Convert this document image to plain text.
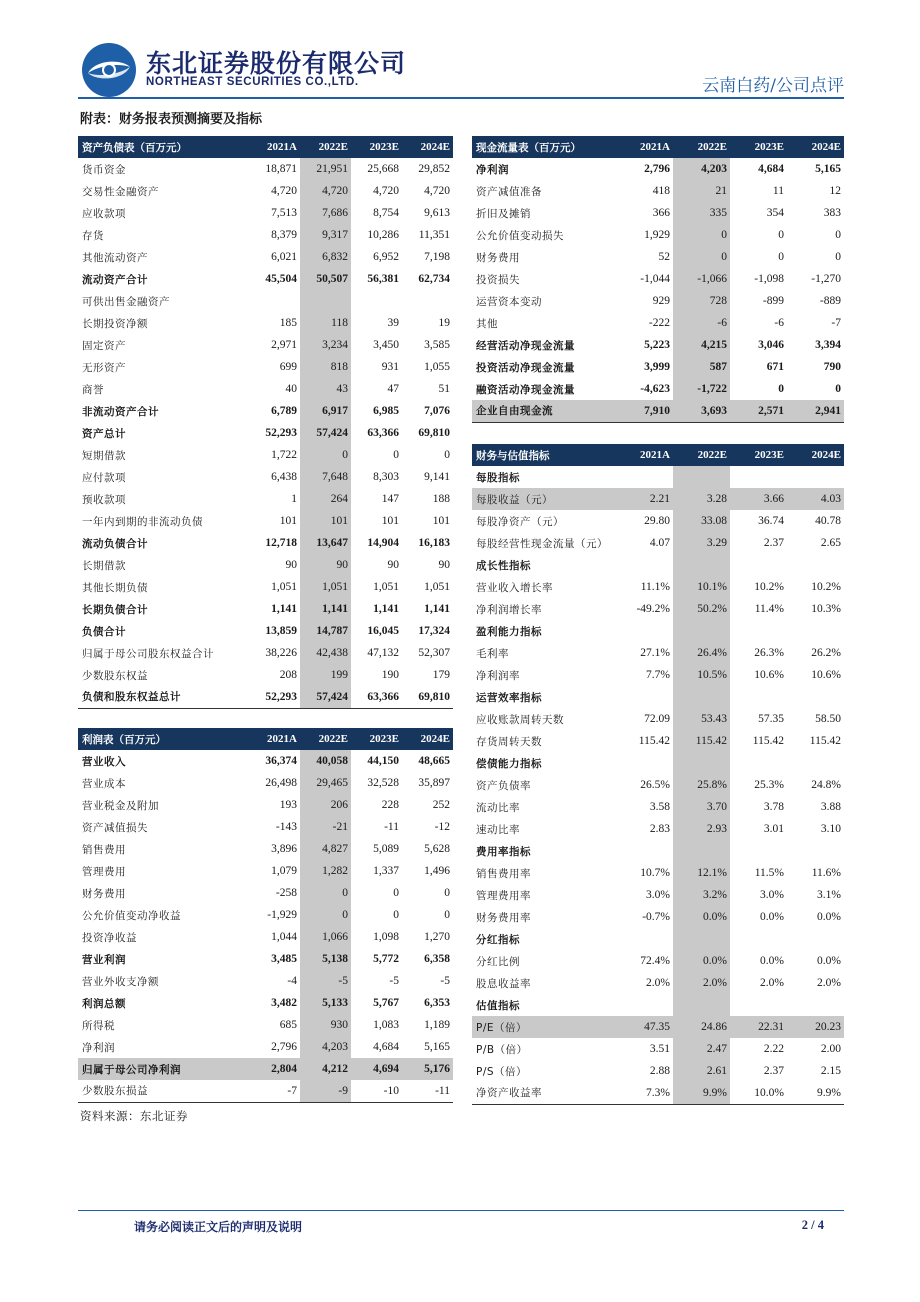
东北证券股份有限公司
NORTHEAST SECURITIES CO.,LTD.	云南白药/公司点评
附表：财务报表预测摘要及指标
资产负债表（百万元）	2021A	2022E	2023E	2024E
货币资金	18,871	21,951	25,668	29,852
交易性金融资产	4,720	4,720	4,720	4,720
应收款项	7,513	7,686	8,754	9,613
存货	8,379	9,317	10,286	11,351
其他流动资产	6,021	6,832	6,952	7,198
流动资产合计	45,504	50,507	56,381	62,734
可供出售金融资产				
长期投资净额	185	118	39	19
固定资产	2,971	3,234	3,450	3,585
无形资产	699	818	931	1,055
商誉	40	43	47	51
非流动资产合计	6,789	6,917	6,985	7,076
资产总计	52,293	57,424	63,366	69,810
短期借款	1,722	0	0	0
应付款项	6,438	7,648	8,303	9,141
预收款项	1	264	147	188
一年内到期的非流动负债	101	101	101	101
流动负债合计	12,718	13,647	14,904	16,183
长期借款	90	90	90	90
其他长期负债	1,051	1,051	1,051	1,051
长期负债合计	1,141	1,141	1,141	1,141
负债合计	13,859	14,787	16,045	17,324
归属于母公司股东权益合计	38,226	42,438	47,132	52,307
少数股东权益	208	199	190	179
负债和股东权益总计	52,293	57,424	63,366	69,810
利润表（百万元）	2021A	2022E	2023E	2024E
营业收入	36,374	40,058	44,150	48,665
营业成本	26,498	29,465	32,528	35,897
营业税金及附加	193	206	228	252
资产减值损失	-143	-21	-11	-12
销售费用	3,896	4,827	5,089	5,628
管理费用	1,079	1,282	1,337	1,496
财务费用	-258	0	0	0
公允价值变动净收益	-1,929	0	0	0
投资净收益	1,044	1,066	1,098	1,270
营业利润	3,485	5,138	5,772	6,358
营业外收支净额	-4	-5	-5	-5
利润总额	3,482	5,133	5,767	6,353
所得税	685	930	1,083	1,189
净利润	2,796	4,203	4,684	5,165
归属于母公司净利润	2,804	4,212	4,694	5,176
少数股东损益	-7	-9	-10	-11
现金流量表（百万元）	2021A	2022E	2023E	2024E
净利润	2,796	4,203	4,684	5,165
资产减值准备	418	21	11	12
折旧及摊销	366	335	354	383
公允价值变动损失	1,929	0	0	0
财务费用	52	0	0	0
投资损失	-1,044	-1,066	-1,098	-1,270
运营资本变动	929	728	-899	-889
其他	-222	-6	-6	-7
经营活动净现金流量	5,223	4,215	3,046	3,394
投资活动净现金流量	3,999	587	671	790
融资活动净现金流量	-4,623	-1,722	0	0
企业自由现金流	7,910	3,693	2,571	2,941
财务与估值指标	2021A	2022E	2023E	2024E
每股指标				
每股收益（元）	2.21	3.28	3.66	4.03
每股净资产（元）	29.80	33.08	36.74	40.78
每股经营性现金流量（元）	4.07	3.29	2.37	2.65
成长性指标				
营业收入增长率	11.1%	10.1%	10.2%	10.2%
净利润增长率	-49.2%	50.2%	11.4%	10.3%
盈利能力指标				
毛利率	27.1%	26.4%	26.3%	26.2%
净利润率	7.7%	10.5%	10.6%	10.6%
运营效率指标				
应收账款周转天数	72.09	53.43	57.35	58.50
存货周转天数	115.42	115.42	115.42	115.42
偿债能力指标				
资产负债率	26.5%	25.8%	25.3%	24.8%
流动比率	3.58	3.70	3.78	3.88
速动比率	2.83	2.93	3.01	3.10
费用率指标				
销售费用率	10.7%	12.1%	11.5%	11.6%
管理费用率	3.0%	3.2%	3.0%	3.1%
财务费用率	-0.7%	0.0%	0.0%	0.0%
分红指标				
分红比例	72.4%	0.0%	0.0%	0.0%
股息收益率	2.0%	2.0%	2.0%	2.0%
估值指标				
P/E（倍）	47.35	24.86	22.31	20.23
P/B（倍）	3.51	2.47	2.22	2.00
P/S（倍）	2.88	2.61	2.37	2.15
净资产收益率	7.3%	9.9%	10.0%	9.9%
资料来源：东北证券
请务必阅读正文后的声明及说明	2 / 4
